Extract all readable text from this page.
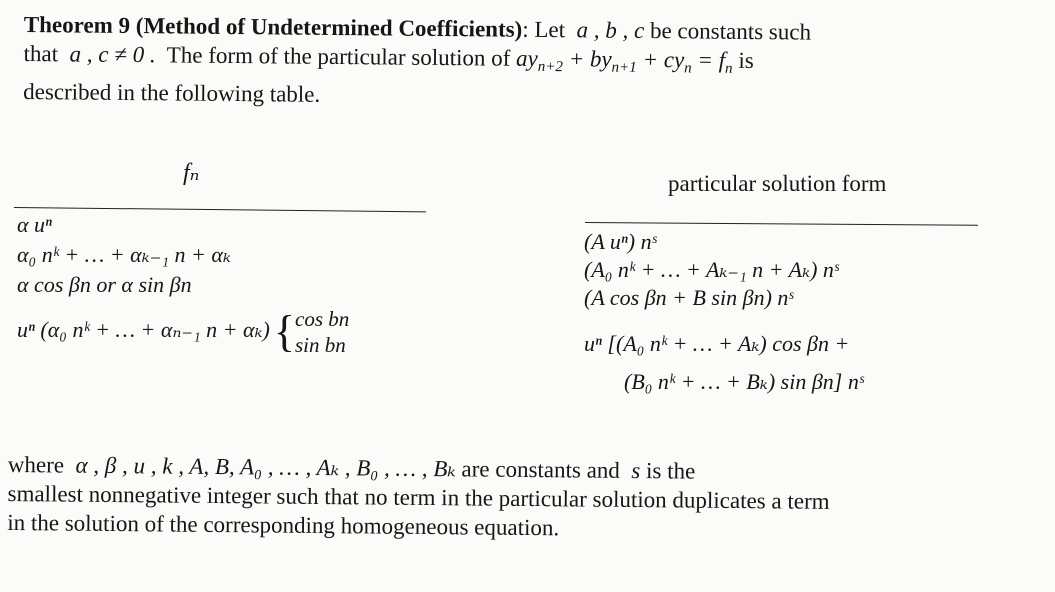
Theorem 9 (Method of Undetermined Coefficients): Let  a , b , c be constants such
that  a , c ≠ 0 .  The form of the particular solution of $ay_{n+2} + by_{n+1} + cy_n = f_n$ is
described in the following table.
fₙ	particular solution form
α uⁿ
α₀ nᵏ + … + αₖ₋₁ n + αₖ
α cos βn or α sin βn
uⁿ (α₀ nᵏ + … + αₙ₋₁ n + αₖ){ cos bn
sin bn
(A uⁿ) nˢ
(A₀ nᵏ + … + Aₖ₋₁ n + Aₖ) nˢ
(A cos βn + B sin βn) nˢ
uⁿ [(A₀ nᵏ + … + Aₖ) cos βn +
(B₀ nᵏ + … + Bₖ) sin βn] nˢ
where  α , β , u , k , A, B, A₀ , … , Aₖ , B₀ , … , Bₖ are constants and  s is the
smallest nonnegative integer such that no term in the particular solution duplicates a term
in the solution of the corresponding homogeneous equation.
